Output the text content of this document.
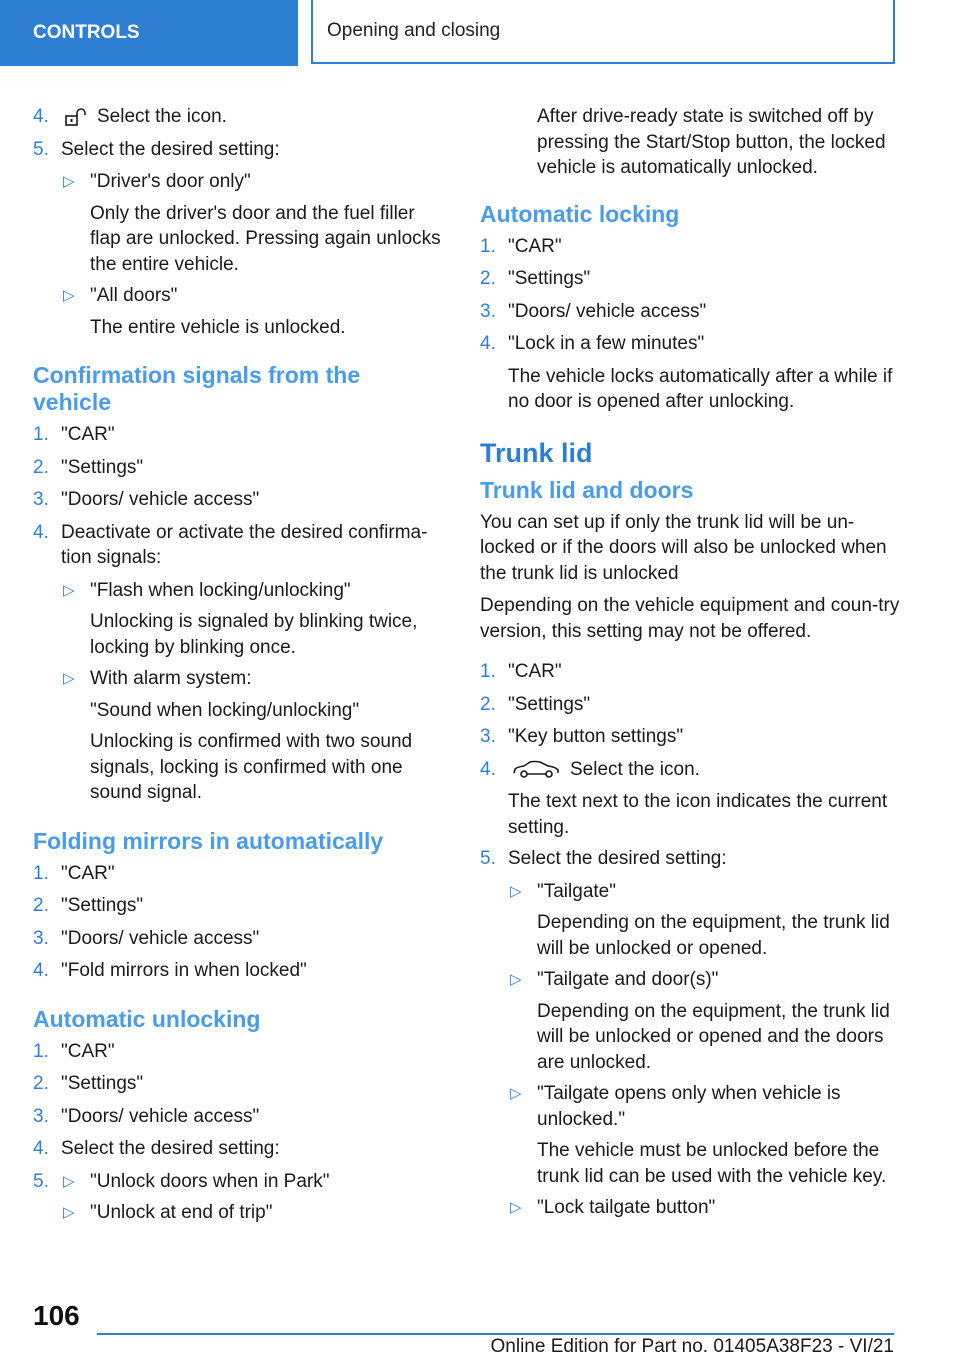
CONTROLS	Opening and closing
4.	Select the icon.
5. Select the desired setting:
▷ "Driver's door only"
Only the driver's door and the fuel filler flap are unlocked. Pressing again unlocks the entire vehicle.
▷ "All doors"
The entire vehicle is unlocked.
Confirmation signals from the vehicle
1. "CAR"
2. "Settings"
3. "Doors/ vehicle access"
4. Deactivate or activate the desired confirma-tion signals:
▷ "Flash when locking/unlocking"
Unlocking is signaled by blinking twice, locking by blinking once.
▷ With alarm system:
"Sound when locking/unlocking"
Unlocking is confirmed with two sound signals, locking is confirmed with one sound signal.
Folding mirrors in automatically
1. "CAR"
2. "Settings"
3. "Doors/ vehicle access"
4. "Fold mirrors in when locked"
Automatic unlocking
1. "CAR"
2. "Settings"
3. "Doors/ vehicle access"
4. Select the desired setting:
5. ▷ "Unlock doors when in Park"
▷ "Unlock at end of trip"
After drive-ready state is switched off by pressing the Start/Stop button, the locked vehicle is automatically unlocked.
Automatic locking
1. "CAR"
2. "Settings"
3. "Doors/ vehicle access"
4. "Lock in a few minutes"
The vehicle locks automatically after a while if no door is opened after unlocking.
Trunk lid
Trunk lid and doors
You can set up if only the trunk lid will be un-locked or if the doors will also be unlocked when the trunk lid is unlocked
Depending on the vehicle equipment and coun-try version, this setting may not be offered.
1. "CAR"
2. "Settings"
3. "Key button settings"
4.	Select the icon.
The text next to the icon indicates the current setting.
5. Select the desired setting:
▷ "Tailgate"
Depending on the equipment, the trunk lid will be unlocked or opened.
▷ "Tailgate and door(s)"
Depending on the equipment, the trunk lid will be unlocked or opened and the doors are unlocked.
▷ "Tailgate opens only when vehicle is unlocked."
The vehicle must be unlocked before the trunk lid can be used with the vehicle key.
▷ "Lock tailgate button"
106
Online Edition for Part no. 01405A38F23 - VI/21
